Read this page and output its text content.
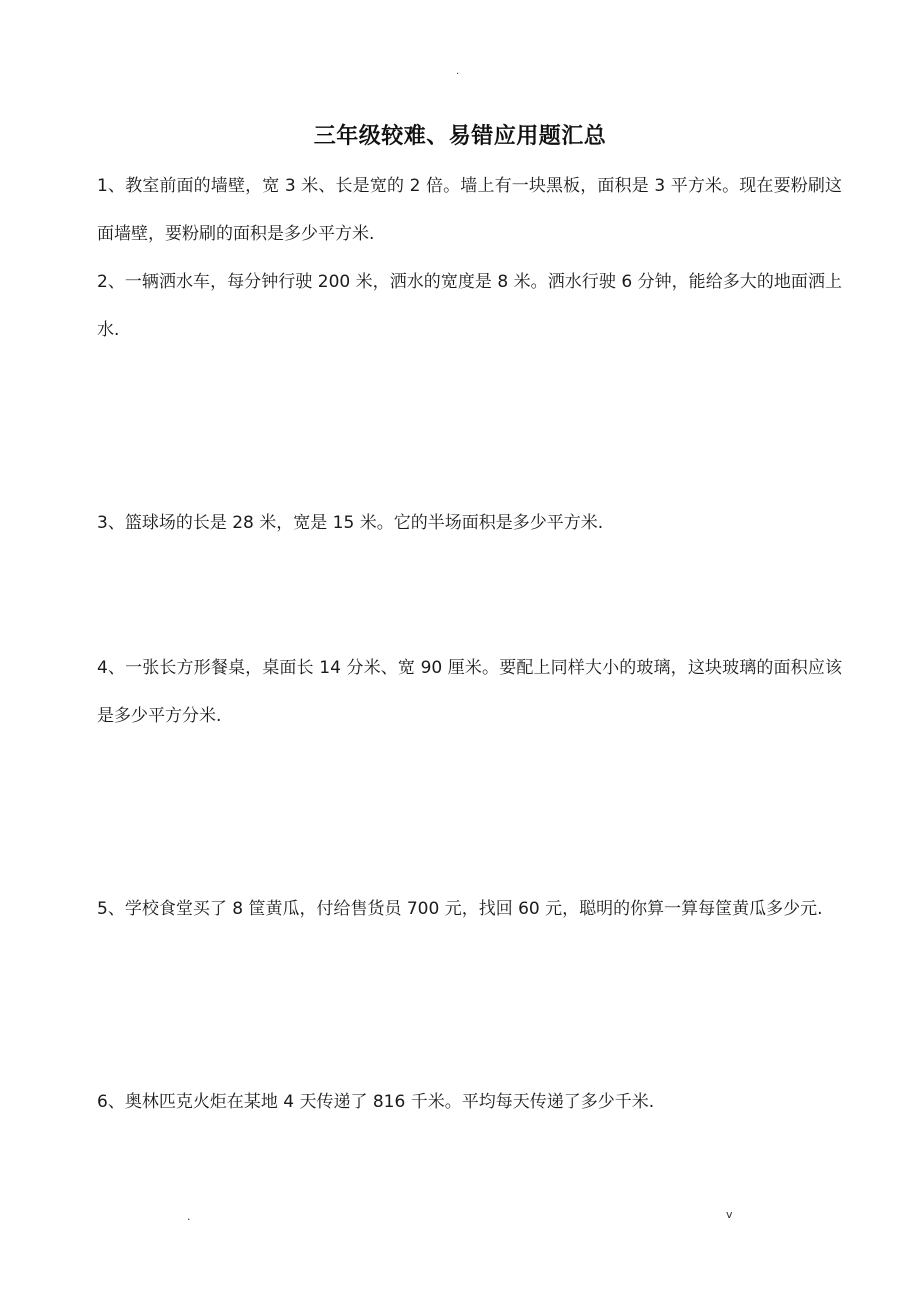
.
三年级较难、易错应用题汇总
1、教室前面的墙壁，宽 3 米、长是宽的 2 倍。墙上有一块黑板，面积是 3 平方米。现在要粉刷这面墙壁，要粉刷的面积是多少平方米.
2、一辆洒水车，每分钟行驶 200 米，洒水的宽度是 8 米。洒水行驶 6 分钟，能给多大的地面洒上水.
3、篮球场的长是 28 米，宽是 15 米。它的半场面积是多少平方米.
4、一张长方形餐桌，桌面长 14 分米、宽 90 厘米。要配上同样大小的玻璃，这块玻璃的面积应该是多少平方分米.
5、学校食堂买了 8 筐黄瓜，付给售货员 700 元，找回 60 元，聪明的你算一算每筐黄瓜多少元.
6、奥林匹克火炬在某地 4 天传递了 816 千米。平均每天传递了多少千米.
.	v
